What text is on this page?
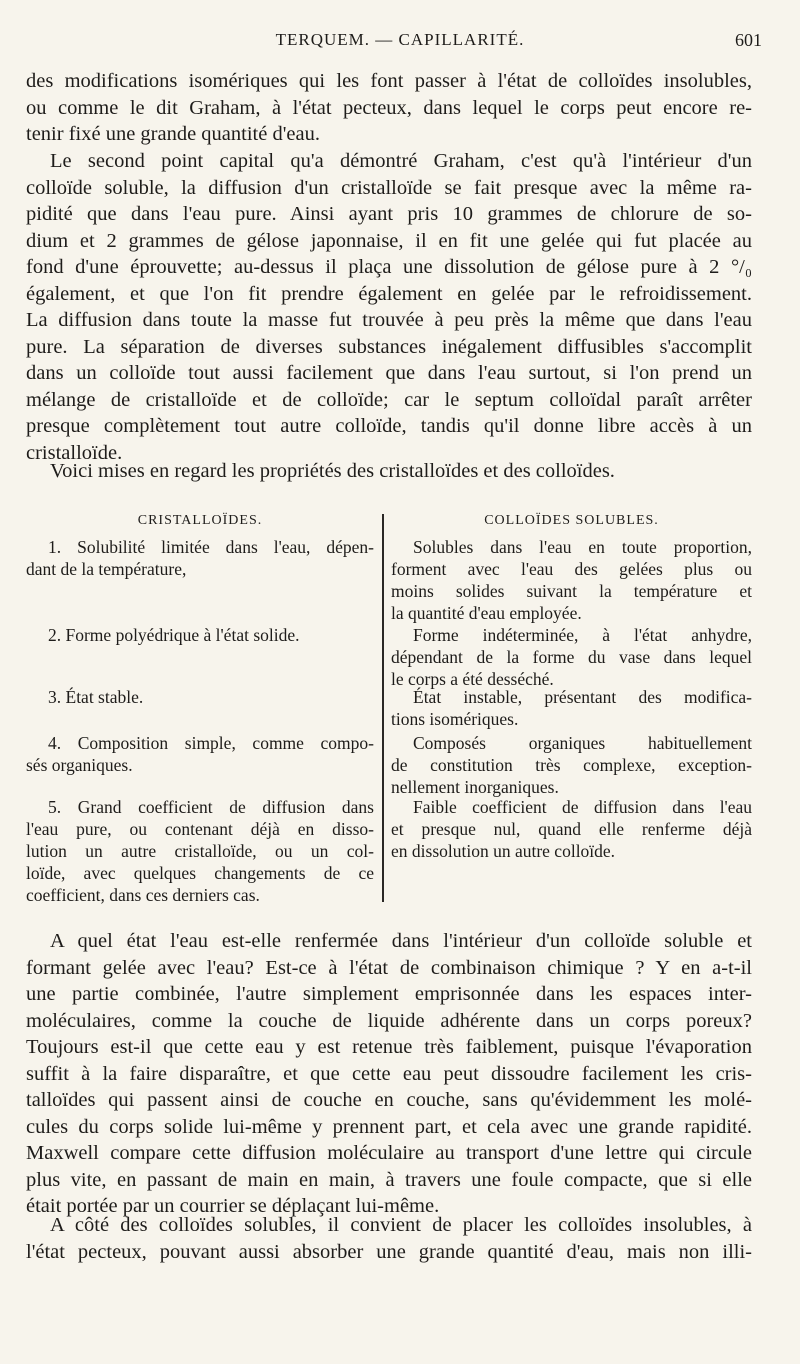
TERQUEM. — CAPILLARITÉ.	601
des modifications isomériques qui les font passer à l'état de colloïdes insolubles,
ou comme le dit Graham, à l'état pecteux, dans lequel le corps peut encore re-
tenir fixé une grande quantité d'eau.
Le second point capital qu'a démontré Graham, c'est qu'à l'intérieur d'un
colloïde soluble, la diffusion d'un cristalloïde se fait presque avec la même ra-
pidité que dans l'eau pure. Ainsi ayant pris 10 grammes de chlorure de so-
dium et 2 grammes de gélose japonnaise, il en fit une gelée qui fut placée au
fond d'une éprouvette; au-dessus il plaça une dissolution de gélose pure à 2 °/₀
également, et que l'on fit prendre également en gelée par le refroidissement.
La diffusion dans toute la masse fut trouvée à peu près la même que dans l'eau
pure. La séparation de diverses substances inégalement diffusibles s'accomplit
dans un colloïde tout aussi facilement que dans l'eau surtout, si l'on prend un
mélange de cristalloïde et de colloïde; car le septum colloïdal paraît arrêter
presque complètement tout autre colloïde, tandis qu'il donne libre accès à un
cristalloïde.
Voici mises en regard les propriétés des cristalloïdes et des colloïdes.
CRISTALLOÏDES.
1. Solubilité limitée dans l'eau, dépen-
dant de la température,
2. Forme polyédrique à l'état solide.
3. État stable.
4. Composition simple, comme compo-
sés organiques.
5. Grand coefficient de diffusion dans
l'eau pure, ou contenant déjà en disso-
lution un autre cristalloïde, ou un col-
loïde, avec quelques changements de ce
coefficient, dans ces derniers cas.
COLLOÏDES SOLUBLES.
Solubles dans l'eau en toute proportion,
forment avec l'eau des gelées plus ou
moins solides suivant la température et
la quantité d'eau employée.
Forme indéterminée, à l'état anhydre,
dépendant de la forme du vase dans lequel
le corps a été desséché.
État instable, présentant des modifica-
tions isomériques.
Composés organiques habituellement
de constitution très complexe, exception-
nellement inorganiques.
Faible coefficient de diffusion dans l'eau
et presque nul, quand elle renferme déjà
en dissolution un autre colloïde.
A quel état l'eau est-elle renfermée dans l'intérieur d'un colloïde soluble et
formant gelée avec l'eau? Est-ce à l'état de combinaison chimique ? Y en a-t-il
une partie combinée, l'autre simplement emprisonnée dans les espaces inter-
moléculaires, comme la couche de liquide adhérente dans un corps poreux?
Toujours est-il que cette eau y est retenue très faiblement, puisque l'évaporation
suffit à la faire disparaître, et que cette eau peut dissoudre facilement les cris-
talloïdes qui passent ainsi de couche en couche, sans qu'évidemment les molé-
cules du corps solide lui-même y prennent part, et cela avec une grande rapidité.
Maxwell compare cette diffusion moléculaire au transport d'une lettre qui circule
plus vite, en passant de main en main, à travers une foule compacte, que si elle
était portée par un courrier se déplaçant lui-même.
A côté des colloïdes solubles, il convient de placer les colloïdes insolubles, à
l'état pecteux, pouvant aussi absorber une grande quantité d'eau, mais non illi-
